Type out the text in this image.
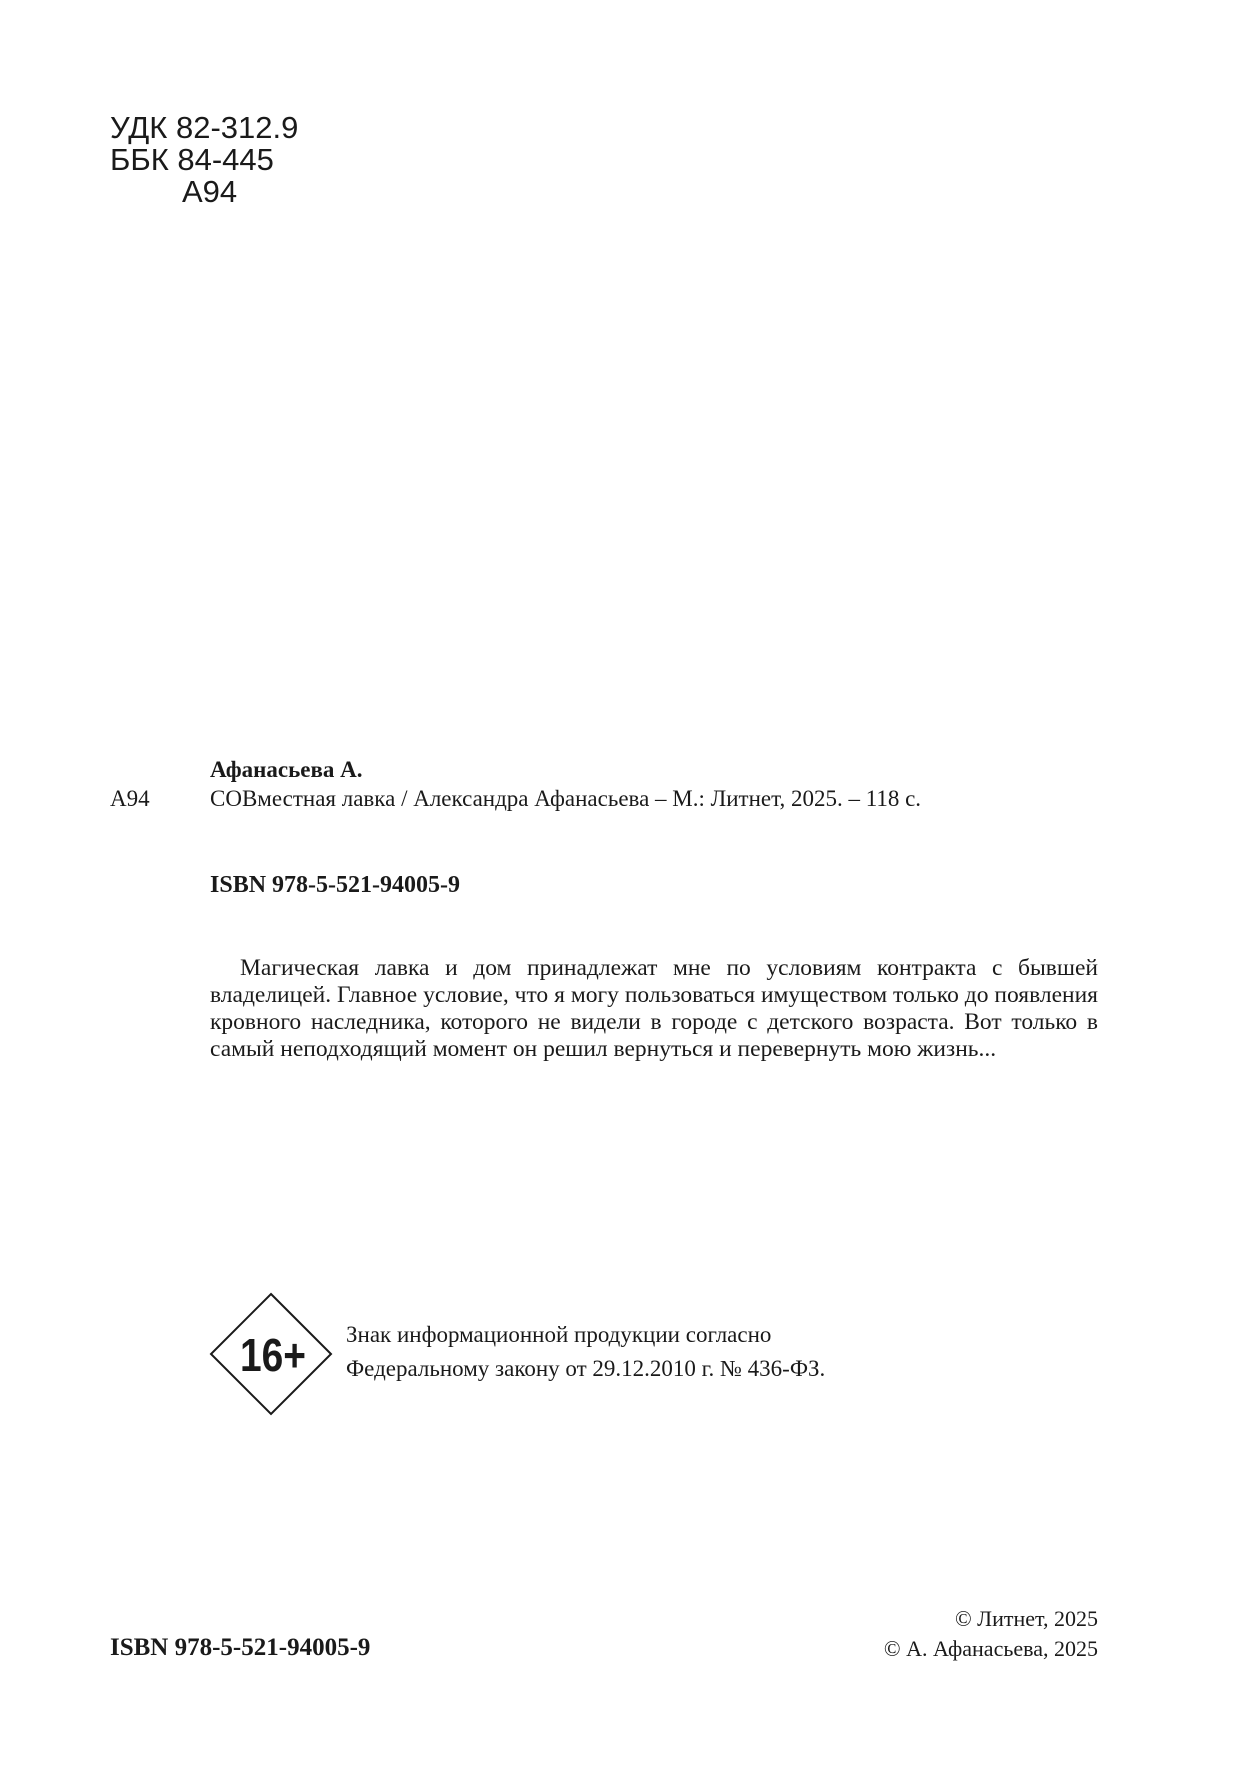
УДК 82-312.9
ББК 84-445
А94
Афанасьева А.
А94	СОВместная лавка / Александра Афанасьева – М.: Литнет, 2025. – 118 с.
ISBN 978-5-521-94005-9

Магическая лавка и дом принадлежат мне по условиям контракта с бывшей владелицей. Главное условие, что я могу пользоваться имуществом только до появления кровного наследника, которого не видели в городе с детского возраста. Вот только в самый неподходящий момент он решил вернуться и перевернуть мою жизнь...

16+ Знак информационной продукции согласно
Федеральному закону от 29.12.2010 г. № 436-ФЗ.
ISBN 978-5-521-94005-9
© Литнет, 2025
© А. Афанасьева, 2025
